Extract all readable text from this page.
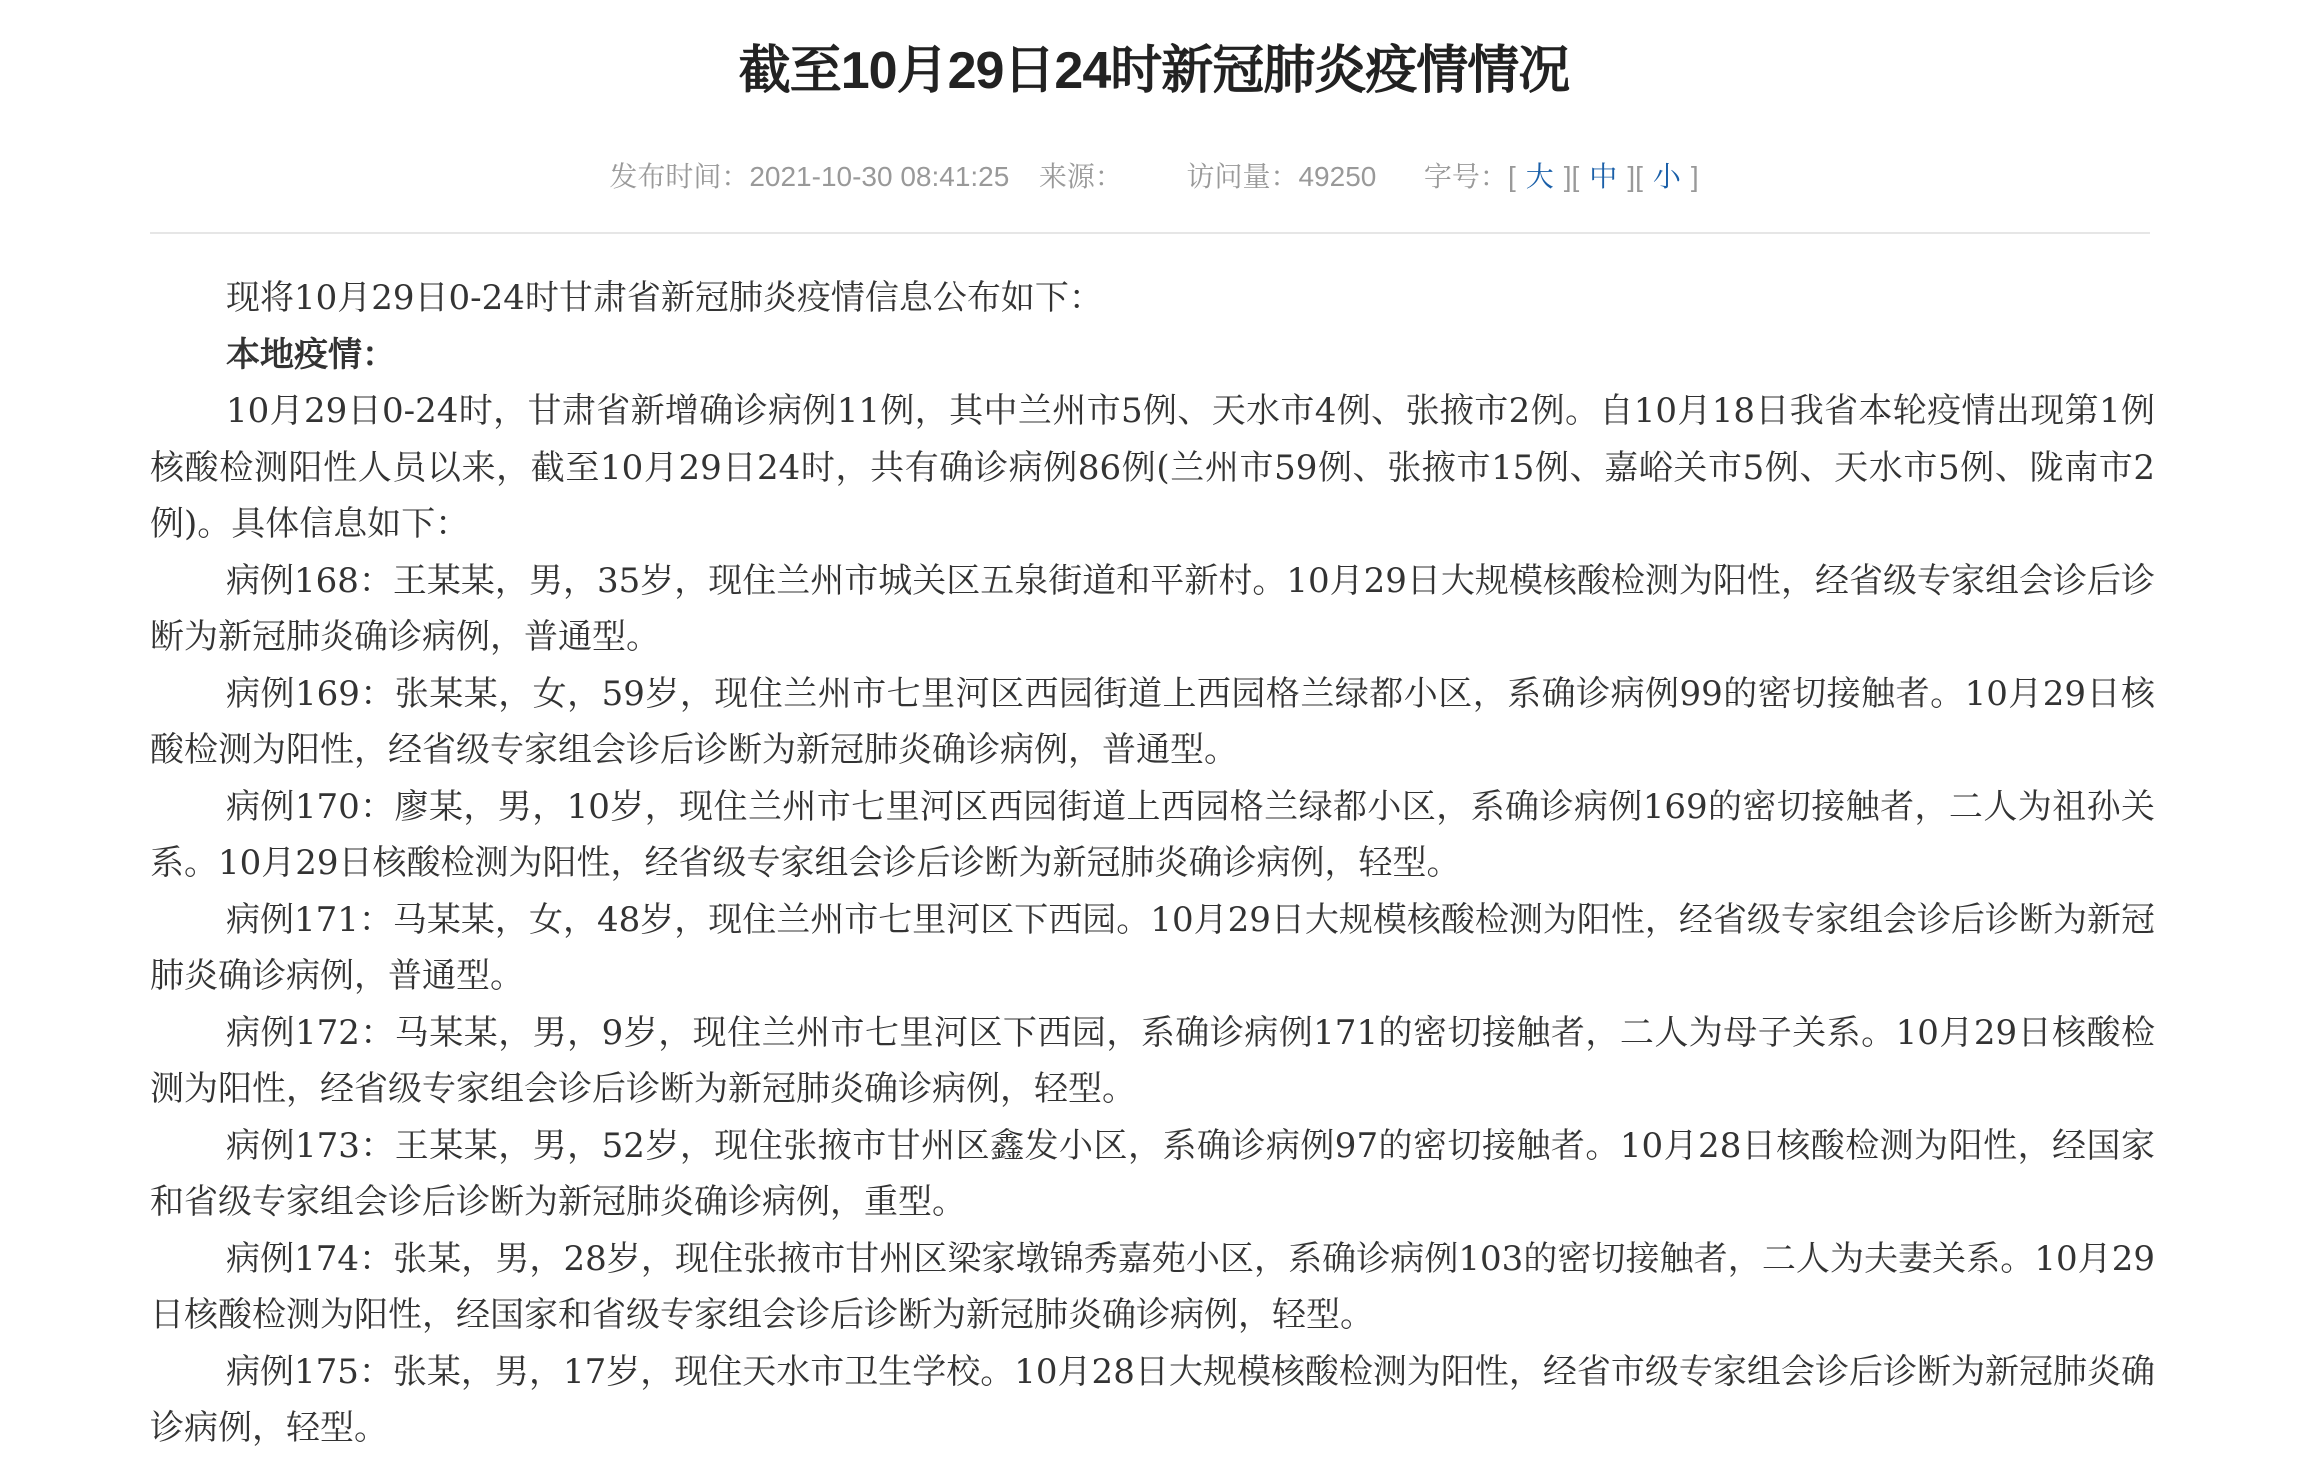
截至10月29日24时新冠肺炎疫情情况
发布时间：2021-10-30 08:41:25 来源： 访问量：49250 字号：[ 大 ][ 中 ][ 小 ]

现将10月29日0-24时甘肃省新冠肺炎疫情信息公布如下：

本地疫情：

10月29日0-24时，甘肃省新增确诊病例11例，其中兰州市5例、天水市4例、张掖市2例。自10月18日我省本轮疫情出现第1例核酸检测阳性人员以来，截至10月29日24时，共有确诊病例86例(兰州市59例、张掖市15例、嘉峪关市5例、天水市5例、陇南市2例)。具体信息如下：

病例168：王某某，男，35岁，现住兰州市城关区五泉街道和平新村。10月29日大规模核酸检测为阳性，经省级专家组会诊后诊断为新冠肺炎确诊病例，普通型。

病例169：张某某，女，59岁，现住兰州市七里河区西园街道上西园格兰绿都小区，系确诊病例99的密切接触者。10月29日核酸检测为阳性，经省级专家组会诊后诊断为新冠肺炎确诊病例，普通型。

病例170：廖某，男，10岁，现住兰州市七里河区西园街道上西园格兰绿都小区，系确诊病例169的密切接触者，二人为祖孙关系。10月29日核酸检测为阳性，经省级专家组会诊后诊断为新冠肺炎确诊病例，轻型。

病例171：马某某，女，48岁，现住兰州市七里河区下西园。10月29日大规模核酸检测为阳性，经省级专家组会诊后诊断为新冠肺炎确诊病例，普通型。

病例172：马某某，男，9岁，现住兰州市七里河区下西园，系确诊病例171的密切接触者，二人为母子关系。10月29日核酸检测为阳性，经省级专家组会诊后诊断为新冠肺炎确诊病例，轻型。

病例173：王某某，男，52岁，现住张掖市甘州区鑫发小区，系确诊病例97的密切接触者。10月28日核酸检测为阳性，经国家和省级专家组会诊后诊断为新冠肺炎确诊病例，重型。

病例174：张某，男，28岁，现住张掖市甘州区梁家墩锦秀嘉苑小区，系确诊病例103的密切接触者，二人为夫妻关系。10月29日核酸检测为阳性，经国家和省级专家组会诊后诊断为新冠肺炎确诊病例，轻型。

病例175：张某，男，17岁，现住天水市卫生学校。10月28日大规模核酸检测为阳性，经省市级专家组会诊后诊断为新冠肺炎确诊病例，轻型。
